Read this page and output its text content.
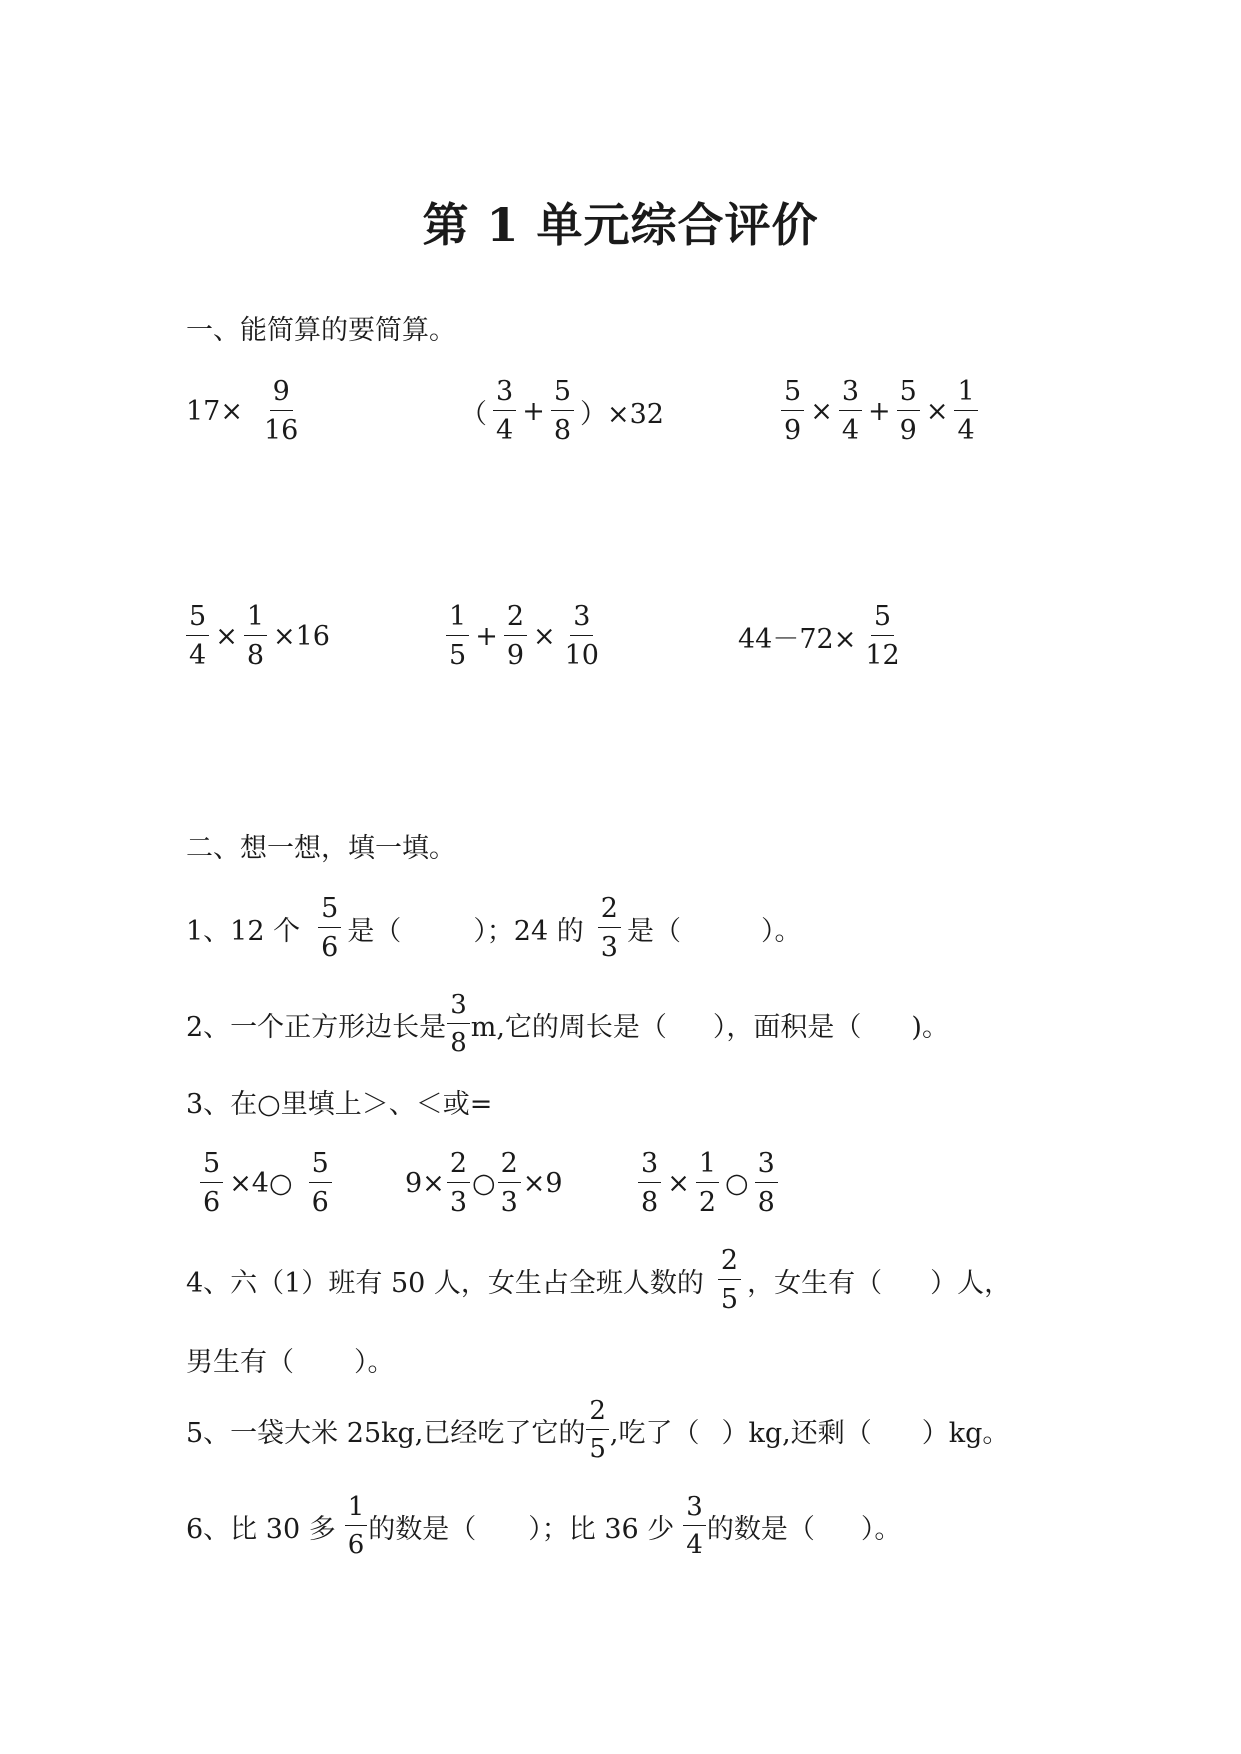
第 1 单元综合评价
一、能简算的要简算。
$17\times \frac{9}{16}$	（ $\frac{3}{4} + \frac{5}{8} )\times 32$	$\frac{5}{9} \times \frac{3}{4} + \frac{5}{9} \times \frac{1}{4}$
$\frac{5}{4} \times \frac{1}{8} \times 16$	$\frac{1}{5} + \frac{2}{9} \times \frac{3}{10}$	$44-72\times \frac{5}{12}$
二、想一想，填一填。
1、12 个 $\frac{5}{6}$ 是（	）；24 的 $\frac{2}{3}$ 是（	）。
2、一个正方形边长是 $\frac{3}{8} m$,它的周长是（ ），面积是（ )。
3、在○里填上＞、＜或=
$\frac{5}{6}$ ×4○ $\frac{5}{6}$	$9\times \frac{2}{3}$ ○ $\frac{2}{3} \times 9$	$\frac{3}{8} \times \frac{1}{2}$ ○ $\frac{3}{8}$
4、六（1）班有 50 人，女生占全班人数的 $\frac{2}{5}$ ，女生有（ ）人，
男生有（ ）。
5、一袋大米 25kg,已经吃了它的 $\frac{2}{5}$ ,吃了（ ）kg,还剩（ ）kg。
6、比 30 多 $\frac{1}{6}$ 的数是（ ）；比 36 少 $\frac{3}{4}$ 的数是（ ）。
